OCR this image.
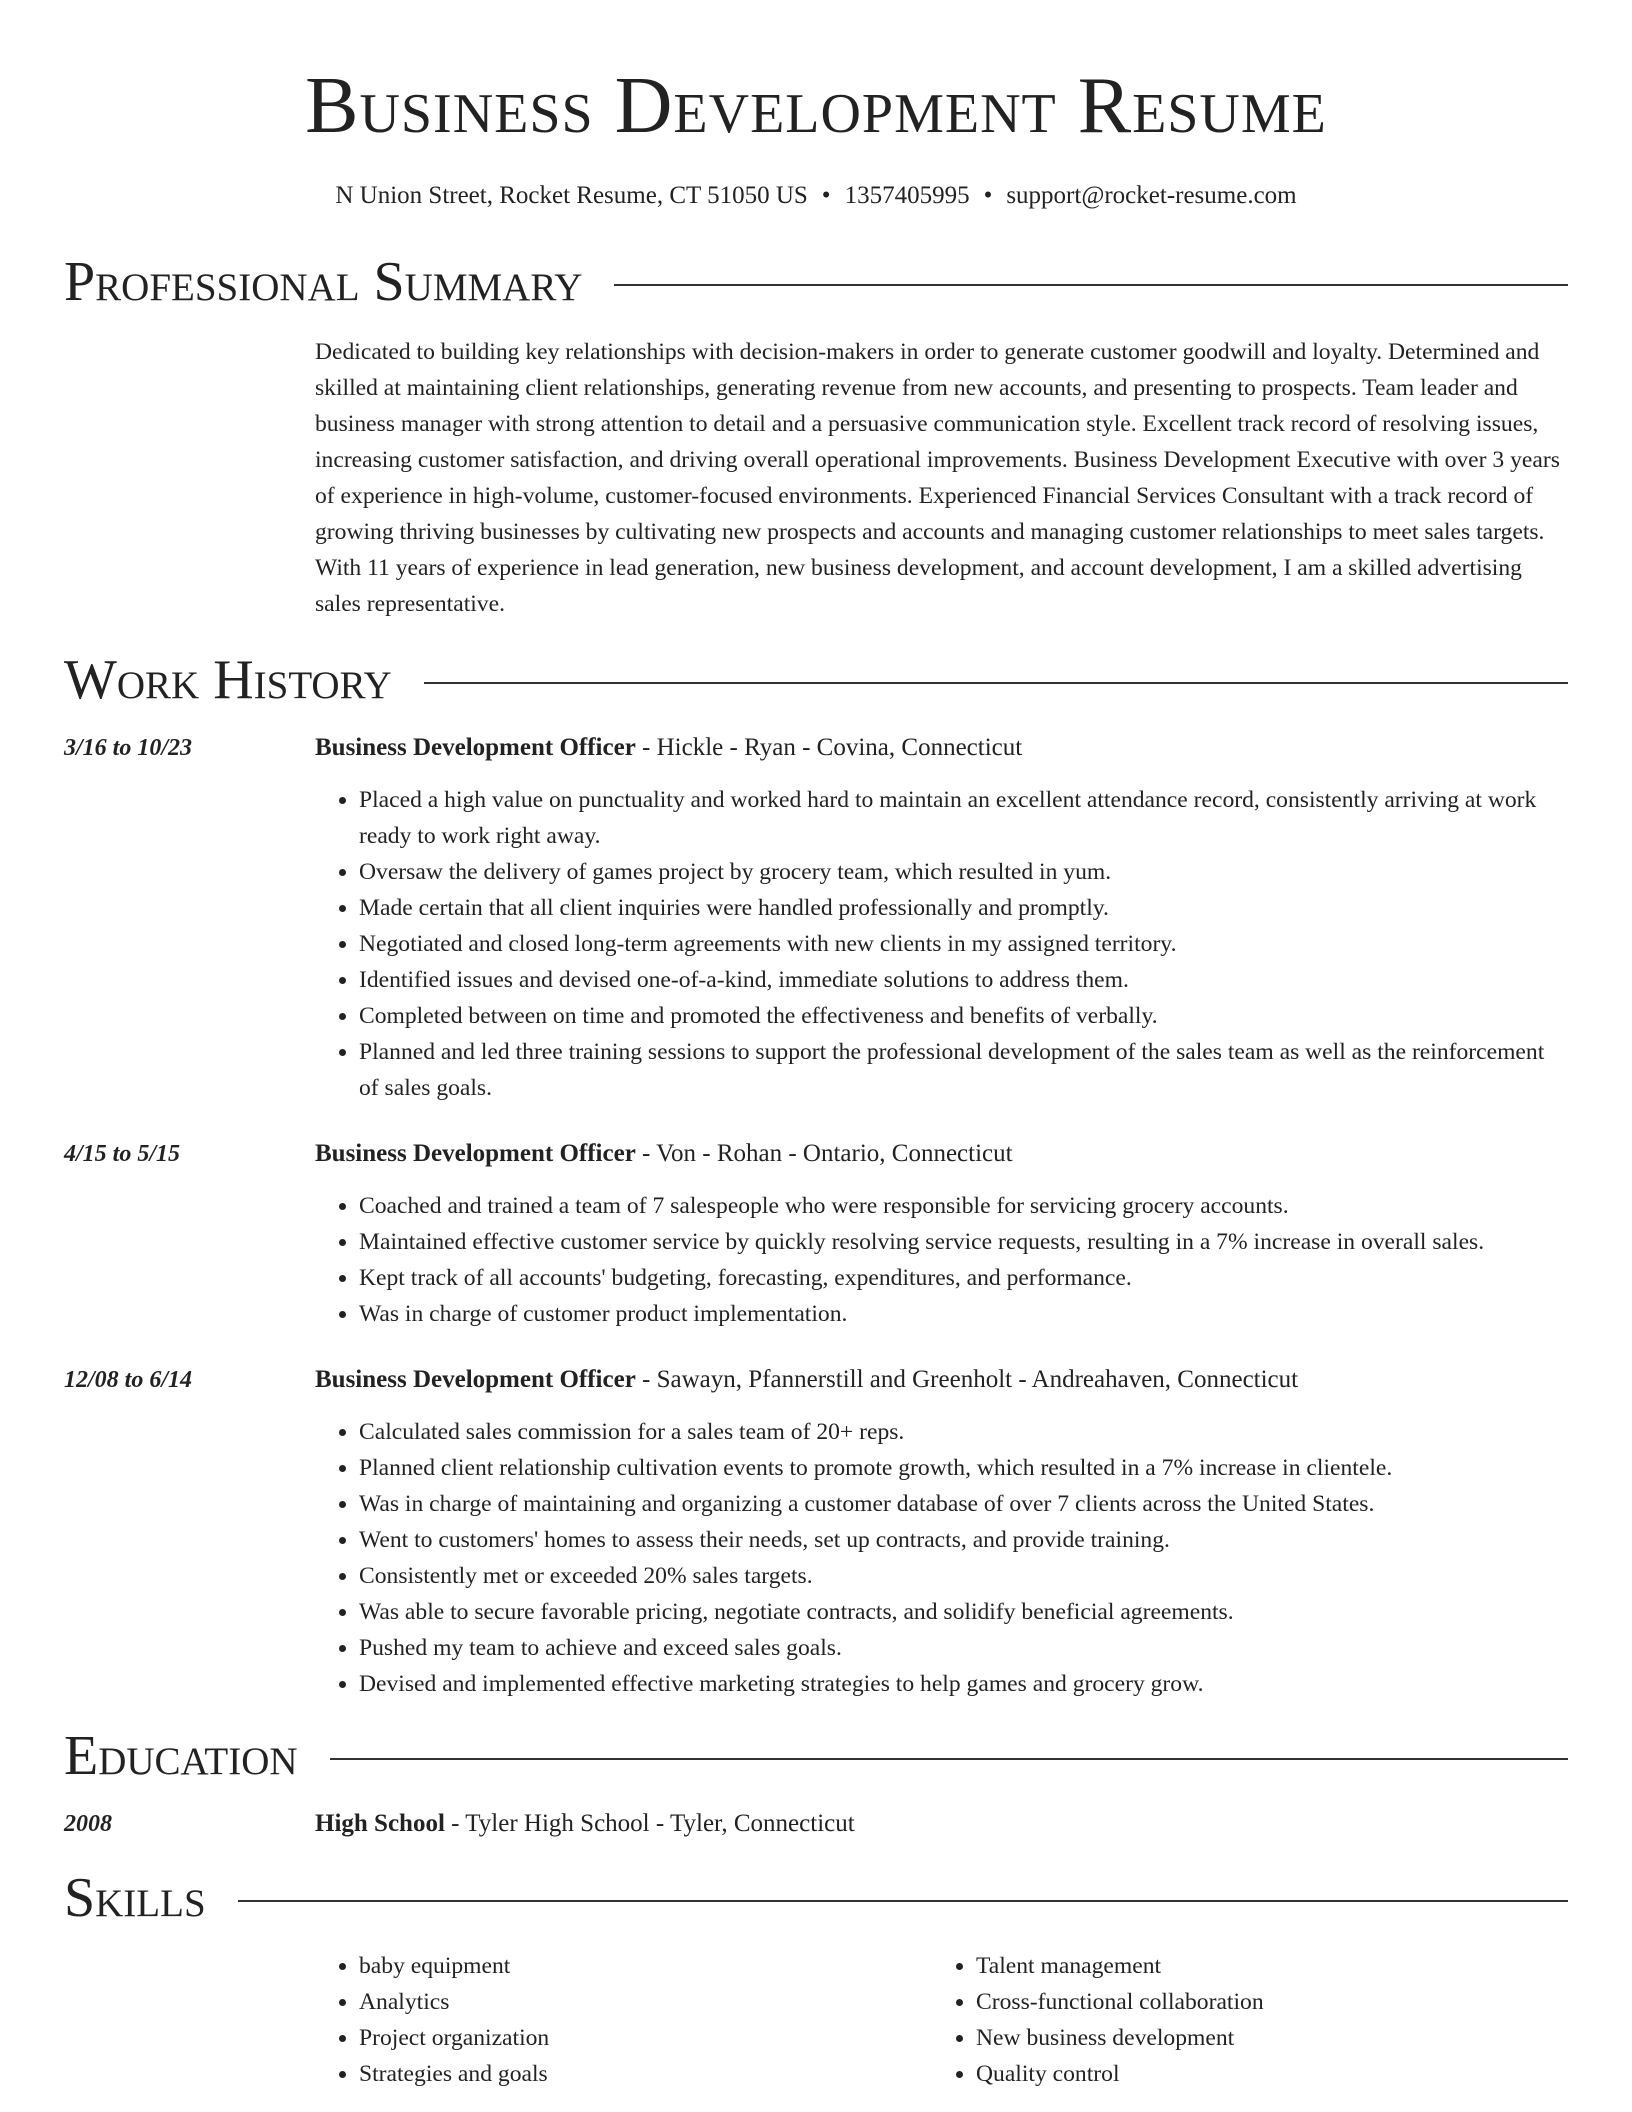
Business Development Resume
N Union Street, Rocket Resume, CT 51050 US • 1357405995 • support@rocket-resume.com
Professional Summary
Dedicated to building key relationships with decision-makers in order to generate customer goodwill and loyalty. Determined and skilled at maintaining client relationships, generating revenue from new accounts, and presenting to prospects. Team leader and business manager with strong attention to detail and a persuasive communication style. Excellent track record of resolving issues, increasing customer satisfaction, and driving overall operational improvements. Business Development Executive with over 3 years of experience in high-volume, customer-focused environments. Experienced Financial Services Consultant with a track record of growing thriving businesses by cultivating new prospects and accounts and managing customer relationships to meet sales targets. With 11 years of experience in lead generation, new business development, and account development, I am a skilled advertising sales representative.
Work History
3/16 to 10/23	Business Development Officer - Hickle - Ryan - Covina, Connecticut
• Placed a high value on punctuality and worked hard to maintain an excellent attendance record, consistently arriving at work ready to work right away.
• Oversaw the delivery of games project by grocery team, which resulted in yum.
• Made certain that all client inquiries were handled professionally and promptly.
• Negotiated and closed long-term agreements with new clients in my assigned territory.
• Identified issues and devised one-of-a-kind, immediate solutions to address them.
• Completed between on time and promoted the effectiveness and benefits of verbally.
• Planned and led three training sessions to support the professional development of the sales team as well as the reinforcement of sales goals.
4/15 to 5/15	Business Development Officer - Von - Rohan - Ontario, Connecticut
• Coached and trained a team of 7 salespeople who were responsible for servicing grocery accounts.
• Maintained effective customer service by quickly resolving service requests, resulting in a 7% increase in overall sales.
• Kept track of all accounts' budgeting, forecasting, expenditures, and performance.
• Was in charge of customer product implementation.
12/08 to 6/14	Business Development Officer - Sawayn, Pfannerstill and Greenholt - Andreahaven, Connecticut
• Calculated sales commission for a sales team of 20+ reps.
• Planned client relationship cultivation events to promote growth, which resulted in a 7% increase in clientele.
• Was in charge of maintaining and organizing a customer database of over 7 clients across the United States.
• Went to customers' homes to assess their needs, set up contracts, and provide training.
• Consistently met or exceeded 20% sales targets.
• Was able to secure favorable pricing, negotiate contracts, and solidify beneficial agreements.
• Pushed my team to achieve and exceed sales goals.
• Devised and implemented effective marketing strategies to help games and grocery grow.
Education
2008	High School - Tyler High School - Tyler, Connecticut
Skills
• baby equipment
• Analytics
• Project organization
• Strategies and goals
• Talent management
• Cross-functional collaboration
• New business development
• Quality control
